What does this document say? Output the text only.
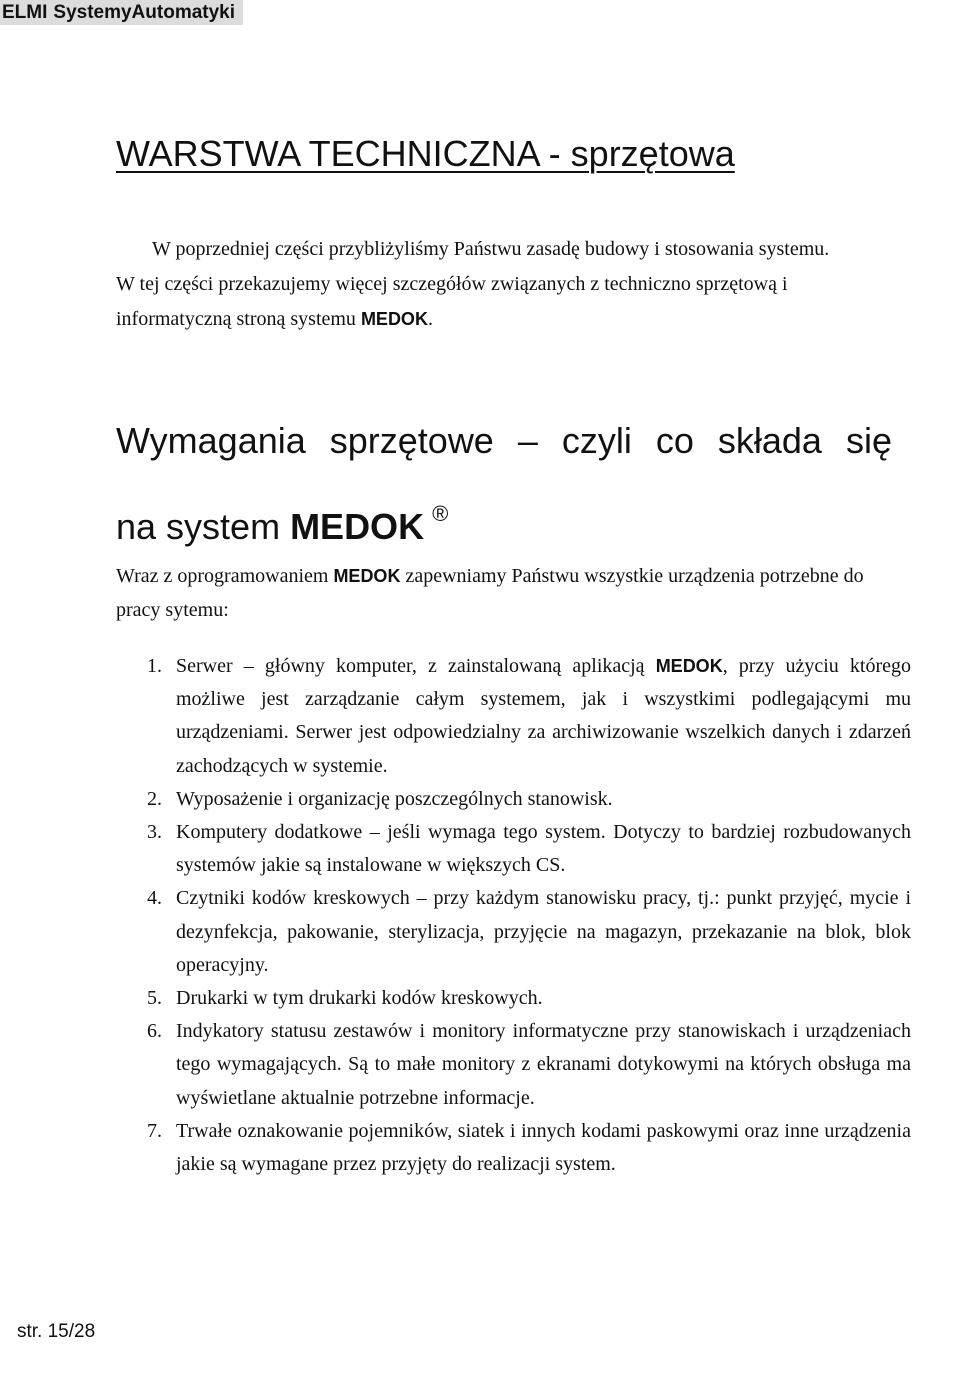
ELMI SystemyAutomatyki
WARSTWA TECHNICZNA - sprzętowa

W poprzedniej części przybliżyliśmy Państwu zasadę budowy i stosowania systemu. W tej części przekazujemy więcej szczegółów związanych z techniczno sprzętową i informatyczną stroną systemu MEDOK.

Wymagania sprzętowe – czyli co składa się
na system MEDOK ®

Wraz z oprogramowaniem MEDOK zapewniamy Państwu wszystkie urządzenia potrzebne do pracy sytemu:

1. Serwer – główny komputer, z zainstalowaną aplikacją MEDOK, przy użyciu którego możliwe jest zarządzanie całym systemem, jak i wszystkimi podlegającymi mu urządzeniami. Serwer jest odpowiedzialny za archiwizowanie wszelkich danych i zdarzeń zachodzących w systemie.
2. Wyposażenie i organizację poszczególnych stanowisk.
3. Komputery dodatkowe – jeśli wymaga tego system. Dotyczy to bardziej rozbudowanych systemów jakie są instalowane w większych CS.
4. Czytniki kodów kreskowych – przy każdym stanowisku pracy, tj.: punkt przyjęć, mycie i dezynfekcja, pakowanie, sterylizacja, przyjęcie na magazyn, przekazanie na blok, blok operacyjny.
5. Drukarki w tym drukarki kodów kreskowych.
6. Indykatory statusu zestawów i monitory informatyczne przy stanowiskach i urządzeniach tego wymagających. Są to małe monitory z ekranami dotykowymi na których obsługa ma wyświetlane aktualnie potrzebne informacje.
7. Trwałe oznakowanie pojemników, siatek i innych kodami paskowymi oraz inne urządzenia jakie są wymagane przez przyjęty do realizacji system.
str. 15/28
